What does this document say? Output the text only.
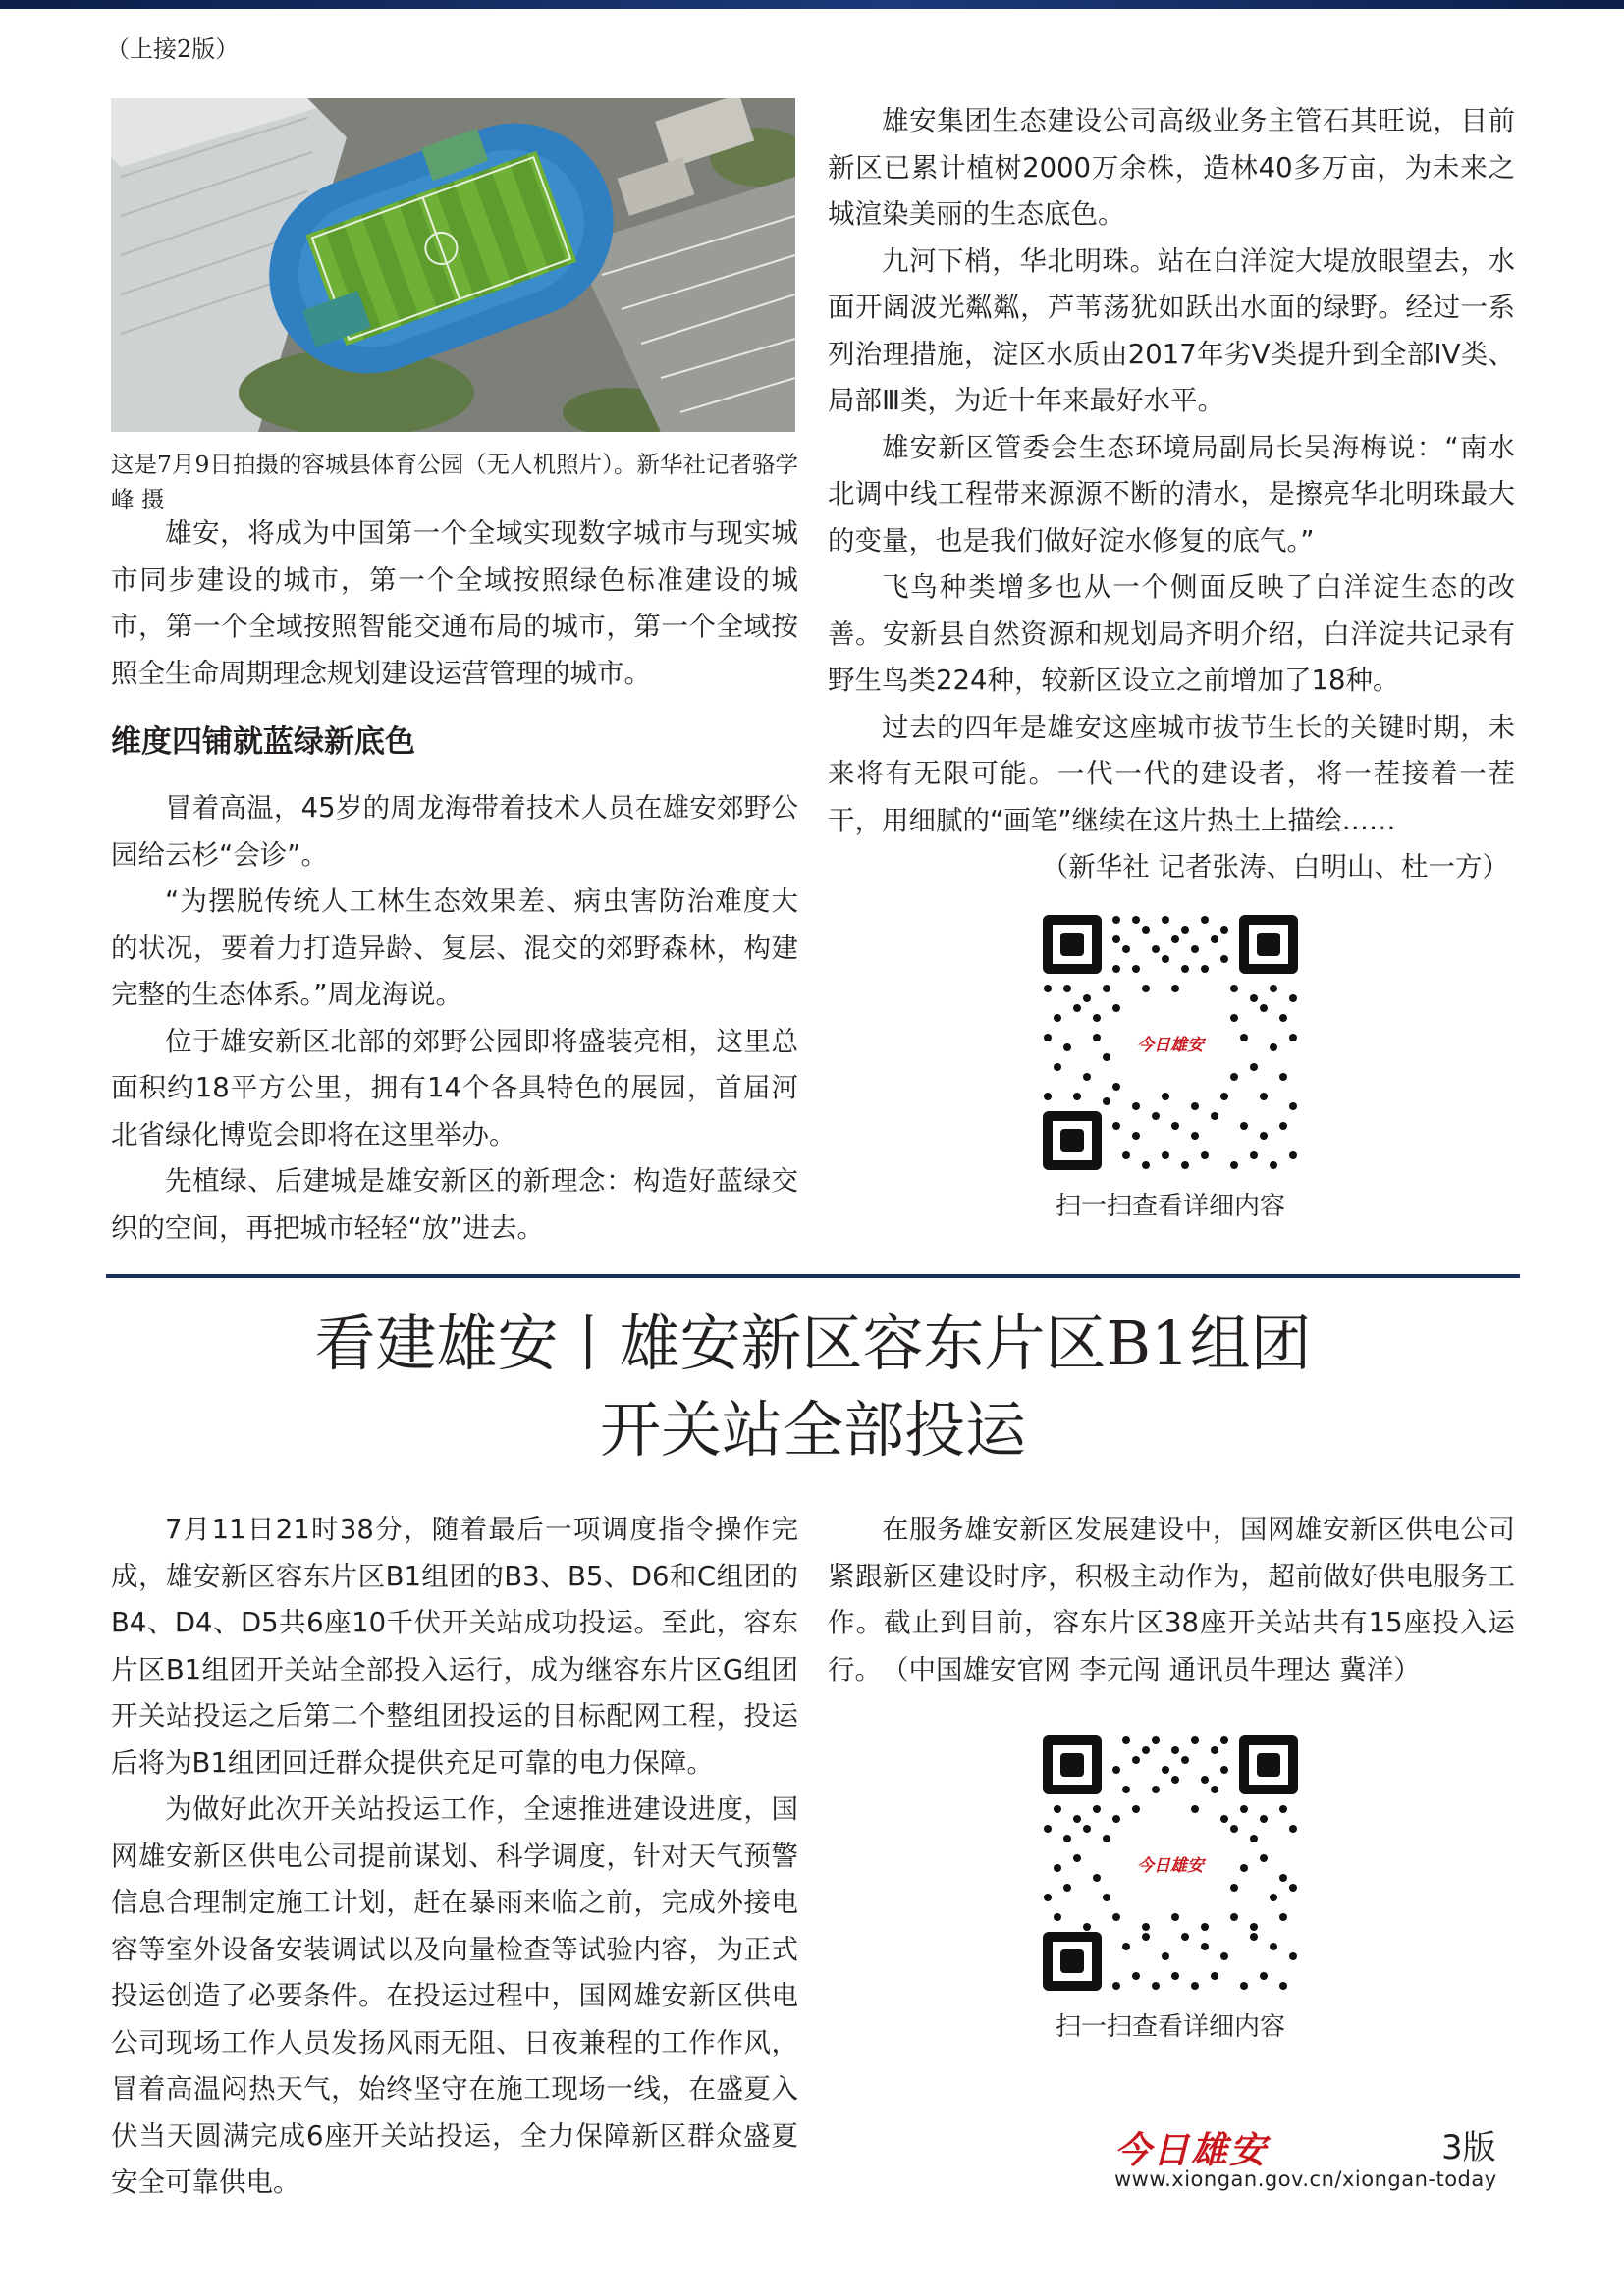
（上接2版）
这是7月9日拍摄的容城县体育公园（无人机照片）。新华社记者骆学峰 摄

雄安，将成为中国第一个全域实现数字城市与现实城市同步建设的城市，第一个全域按照绿色标准建设的城市，第一个全域按照智能交通布局的城市，第一个全域按照全生命周期理念规划建设运营管理的城市。

维度四铺就蓝绿新底色

冒着高温，45岁的周龙海带着技术人员在雄安郊野公园给云杉“会诊”。

“为摆脱传统人工林生态效果差、病虫害防治难度大的状况，要着力打造异龄、复层、混交的郊野森林，构建完整的生态体系。”周龙海说。

位于雄安新区北部的郊野公园即将盛装亮相，这里总面积约18平方公里，拥有14个各具特色的展园，首届河北省绿化博览会即将在这里举办。

先植绿、后建城是雄安新区的新理念：构造好蓝绿交织的空间，再把城市轻轻“放”进去。

雄安集团生态建设公司高级业务主管石其旺说，目前新区已累计植树2000万余株，造林40多万亩，为未来之城渲染美丽的生态底色。

九河下梢，华北明珠。站在白洋淀大堤放眼望去，水面开阔波光粼粼，芦苇荡犹如跃出水面的绿野。经过一系列治理措施，淀区水质由2017年劣V类提升到全部IV类、局部Ⅲ类，为近十年来最好水平。

雄安新区管委会生态环境局副局长吴海梅说：“南水北调中线工程带来源源不断的清水，是擦亮华北明珠最大的变量，也是我们做好淀水修复的底气。”

飞鸟种类增多也从一个侧面反映了白洋淀生态的改善。安新县自然资源和规划局齐明介绍，白洋淀共记录有野生鸟类224种，较新区设立之前增加了18种。

过去的四年是雄安这座城市拔节生长的关键时期，未来将有无限可能。一代一代的建设者，将一茬接着一茬干，用细腻的“画笔”继续在这片热土上描绘……

（新华社 记者张涛、白明山、杜一方）

今日雄安
扫一扫查看详细内容
看建雄安丨雄安新区容东片区B1组团
开关站全部投运

7月11日21时38分，随着最后一项调度指令操作完成，雄安新区容东片区B1组团的B3、B5、D6和C组团的B4、D4、D5共6座10千伏开关站成功投运。至此，容东片区B1组团开关站全部投入运行，成为继容东片区G组团开关站投运之后第二个整组团投运的目标配网工程，投运后将为B1组团回迁群众提供充足可靠的电力保障。

为做好此次开关站投运工作，全速推进建设进度，国网雄安新区供电公司提前谋划、科学调度，针对天气预警信息合理制定施工计划，赶在暴雨来临之前，完成外接电容等室外设备安装调试以及向量检查等试验内容，为正式投运创造了必要条件。在投运过程中，国网雄安新区供电公司现场工作人员发扬风雨无阻、日夜兼程的工作作风，冒着高温闷热天气，始终坚守在施工现场一线，在盛夏入伏当天圆满完成6座开关站投运，全力保障新区群众盛夏安全可靠供电。

在服务雄安新区发展建设中，国网雄安新区供电公司紧跟新区建设时序，积极主动作为，超前做好供电服务工作。截止到目前，容东片区38座开关站共有15座投入运行。　（中国雄安官网 李元闯 通讯员牛理达 冀洋）

今日雄安
扫一扫查看详细内容
今日雄安	3版
www.xiongan.gov.cn/xiongan-today
